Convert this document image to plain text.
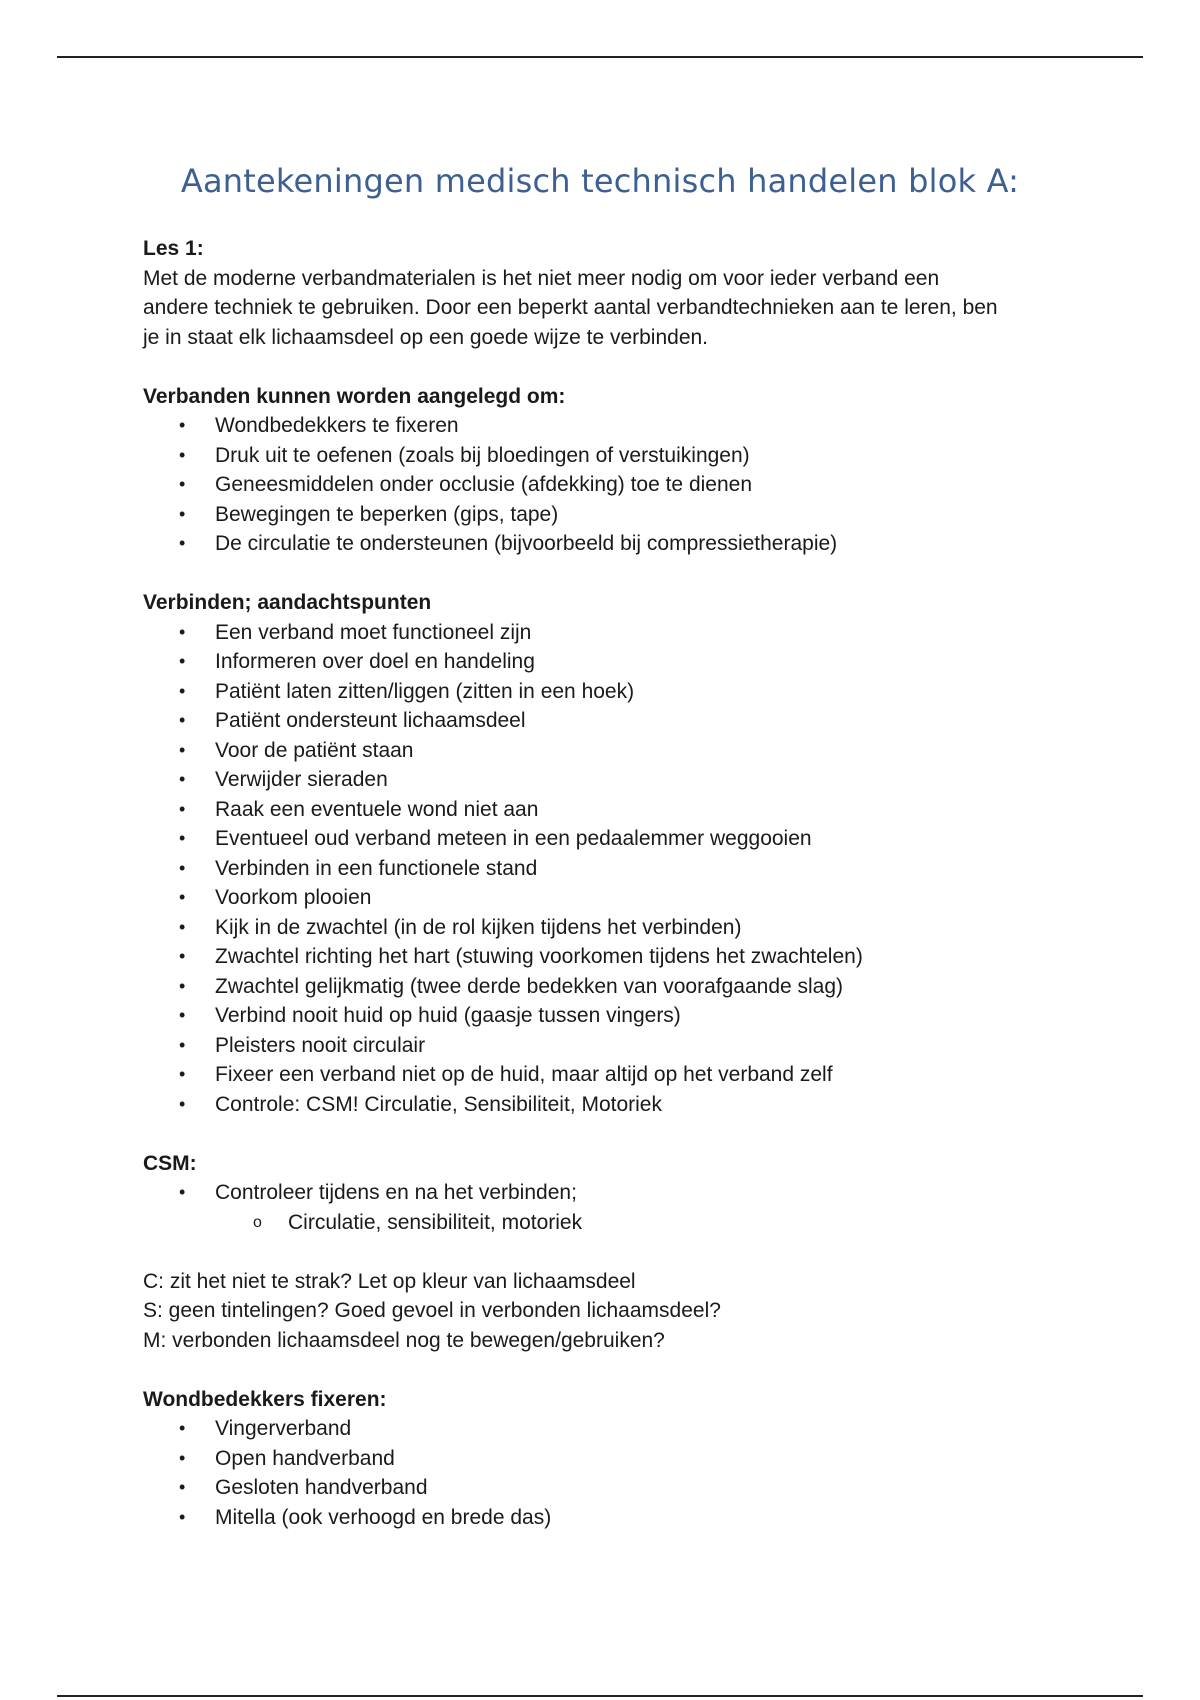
Aantekeningen medisch technisch handelen blok A:

Les 1:

Met de moderne verbandmaterialen is het niet meer nodig om voor ieder verband een

andere techniek te gebruiken. Door een beperkt aantal verbandtechnieken aan te leren, ben

je in staat elk lichaamsdeel op een goede wijze te verbinden.

Verbanden kunnen worden aangelegd om:

• Wondbedekkers te fixeren
• Druk uit te oefenen (zoals bij bloedingen of verstuikingen)
• Geneesmiddelen onder occlusie (afdekking) toe te dienen
• Bewegingen te beperken (gips, tape)
• De circulatie te ondersteunen (bijvoorbeeld bij compressietherapie)

Verbinden; aandachtspunten

• Een verband moet functioneel zijn
• Informeren over doel en handeling
• Patiënt laten zitten/liggen (zitten in een hoek)
• Patiënt ondersteunt lichaamsdeel
• Voor de patiënt staan
• Verwijder sieraden
• Raak een eventuele wond niet aan
• Eventueel oud verband meteen in een pedaalemmer weggooien
• Verbinden in een functionele stand
• Voorkom plooien
• Kijk in de zwachtel (in de rol kijken tijdens het verbinden)
• Zwachtel richting het hart (stuwing voorkomen tijdens het zwachtelen)
• Zwachtel gelijkmatig (twee derde bedekken van voorafgaande slag)
• Verbind nooit huid op huid (gaasje tussen vingers)
• Pleisters nooit circulair
• Fixeer een verband niet op de huid, maar altijd op het verband zelf
• Controle: CSM! Circulatie, Sensibiliteit, Motoriek

CSM:

• Controleer tijdens en na het verbinden;
o Circulatie, sensibiliteit, motoriek

C: zit het niet te strak? Let op kleur van lichaamsdeel

S: geen tintelingen? Goed gevoel in verbonden lichaamsdeel?

M: verbonden lichaamsdeel nog te bewegen/gebruiken?

Wondbedekkers fixeren:

• Vingerverband
• Open handverband
• Gesloten handverband
• Mitella (ook verhoogd en brede das)
